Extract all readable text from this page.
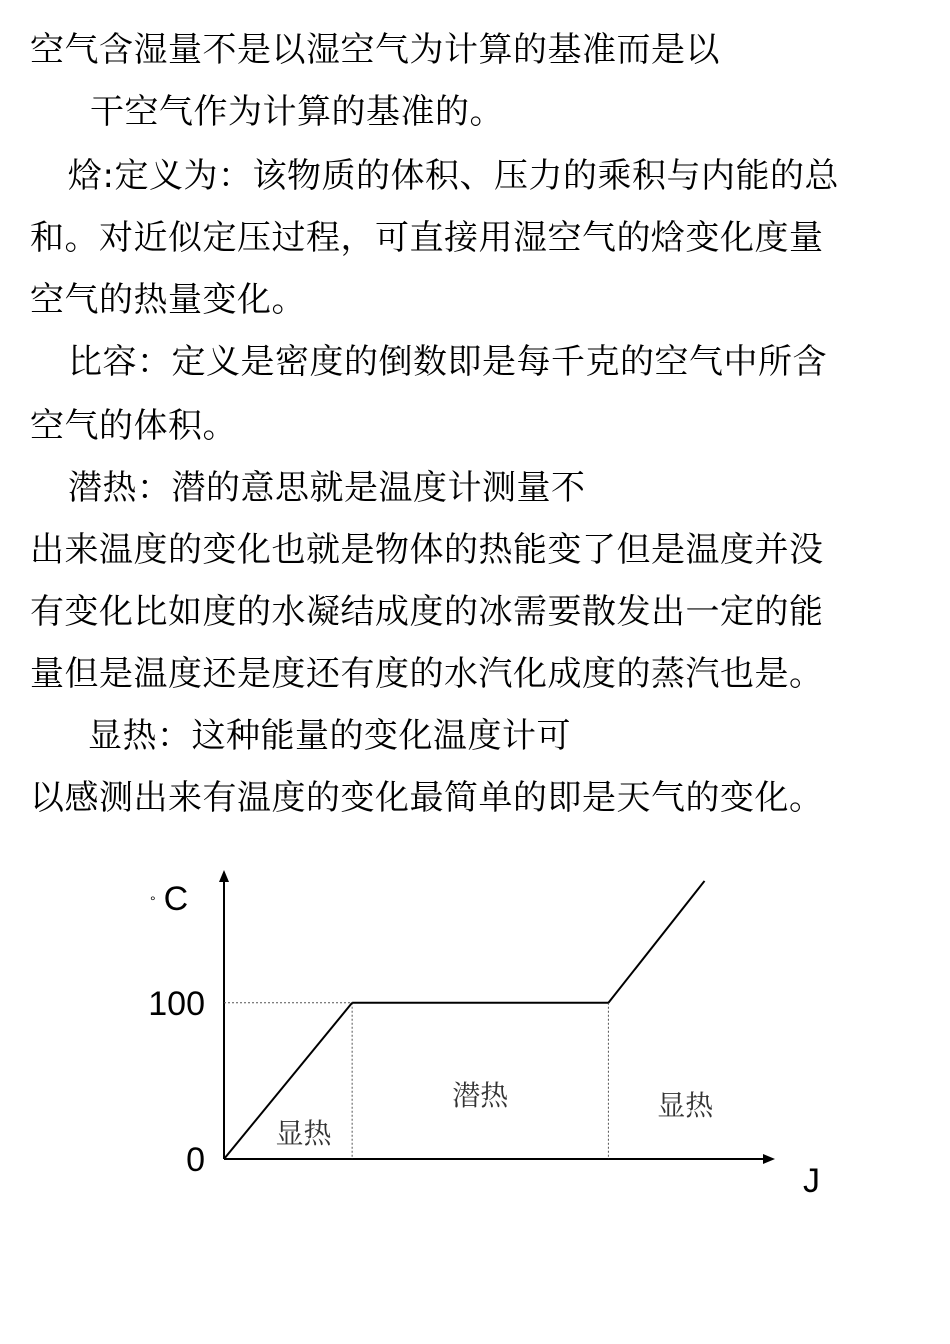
空气含湿量不是以湿空气为计算的基准而是以
干空气作为计算的基准的。
焓:定义为：该物质的体积、压力的乘积与内能的总
和。对近似定压过程，可直接用湿空气的焓变化度量
空气的热量变化。
比容：定义是密度的倒数即是每千克的空气中所含
空气的体积。
潜热：潜的意思就是温度计测量不
出来温度的变化也就是物体的热能变了但是温度并没
有变化比如度的水凝结成度的冰需要散发出一定的能
量但是温度还是度还有度的水汽化成度的蒸汽也是。
显热：这种能量的变化温度计可
以感测出来有温度的变化最简单的即是天气的变化。
0
100
° C
J
显热
潜热	显热
